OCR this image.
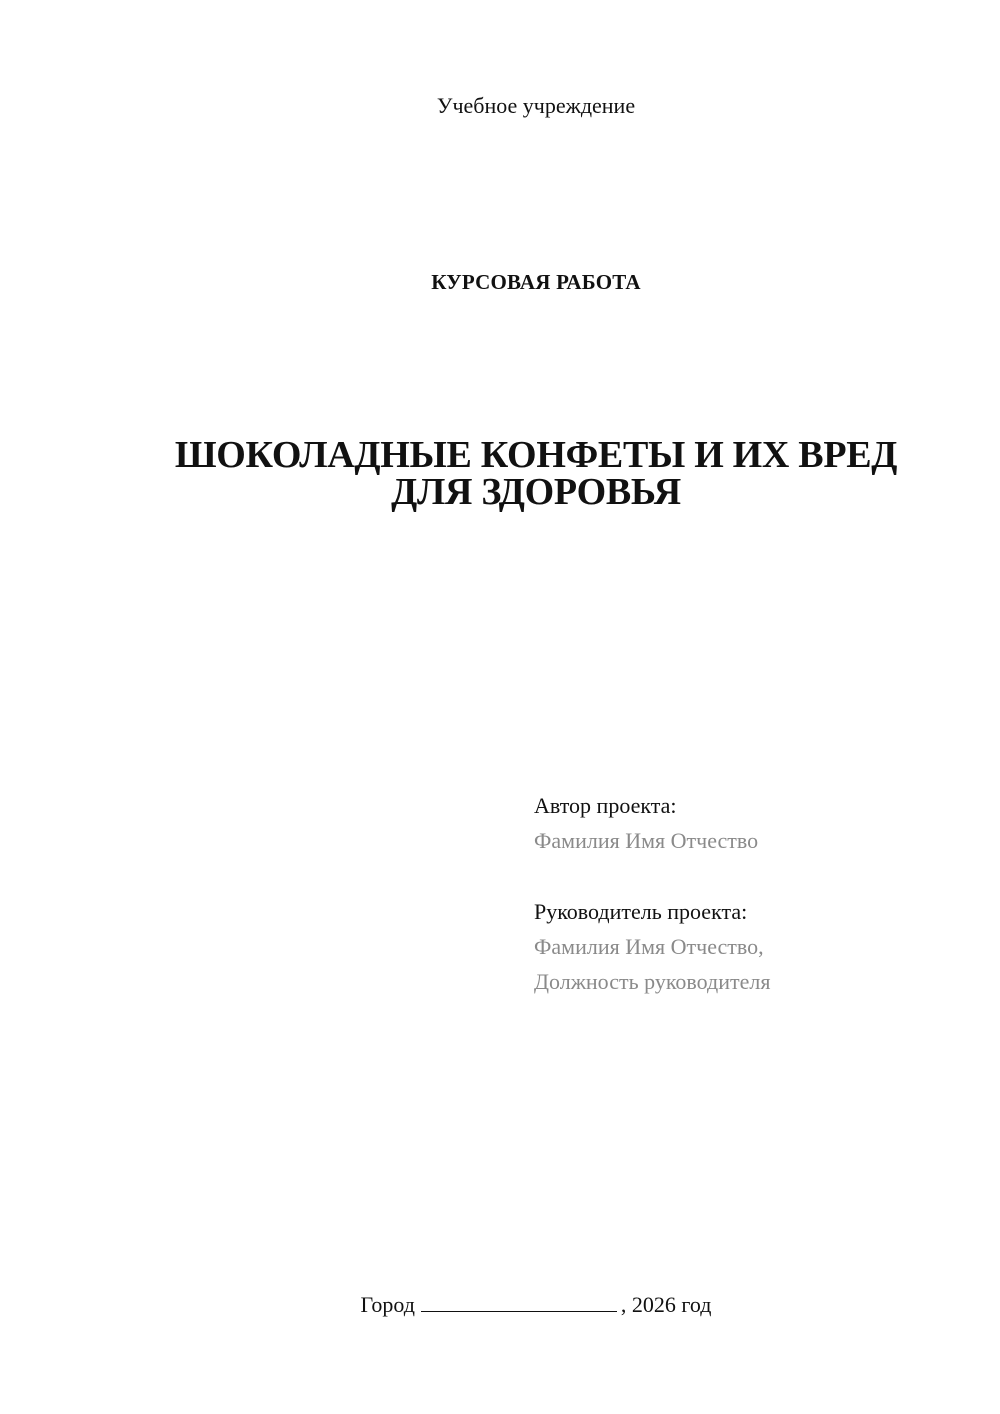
Учебное учреждение
КУРСОВАЯ РАБОТА
ШОКОЛАДНЫЕ КОНФЕТЫ И ИХ ВРЕД
ДЛЯ ЗДОРОВЬЯ
Автор проекта:
Фамилия Имя Отчество
Руководитель проекта:
Фамилия Имя Отчество,
Должность руководителя
Город	, 2026 год
